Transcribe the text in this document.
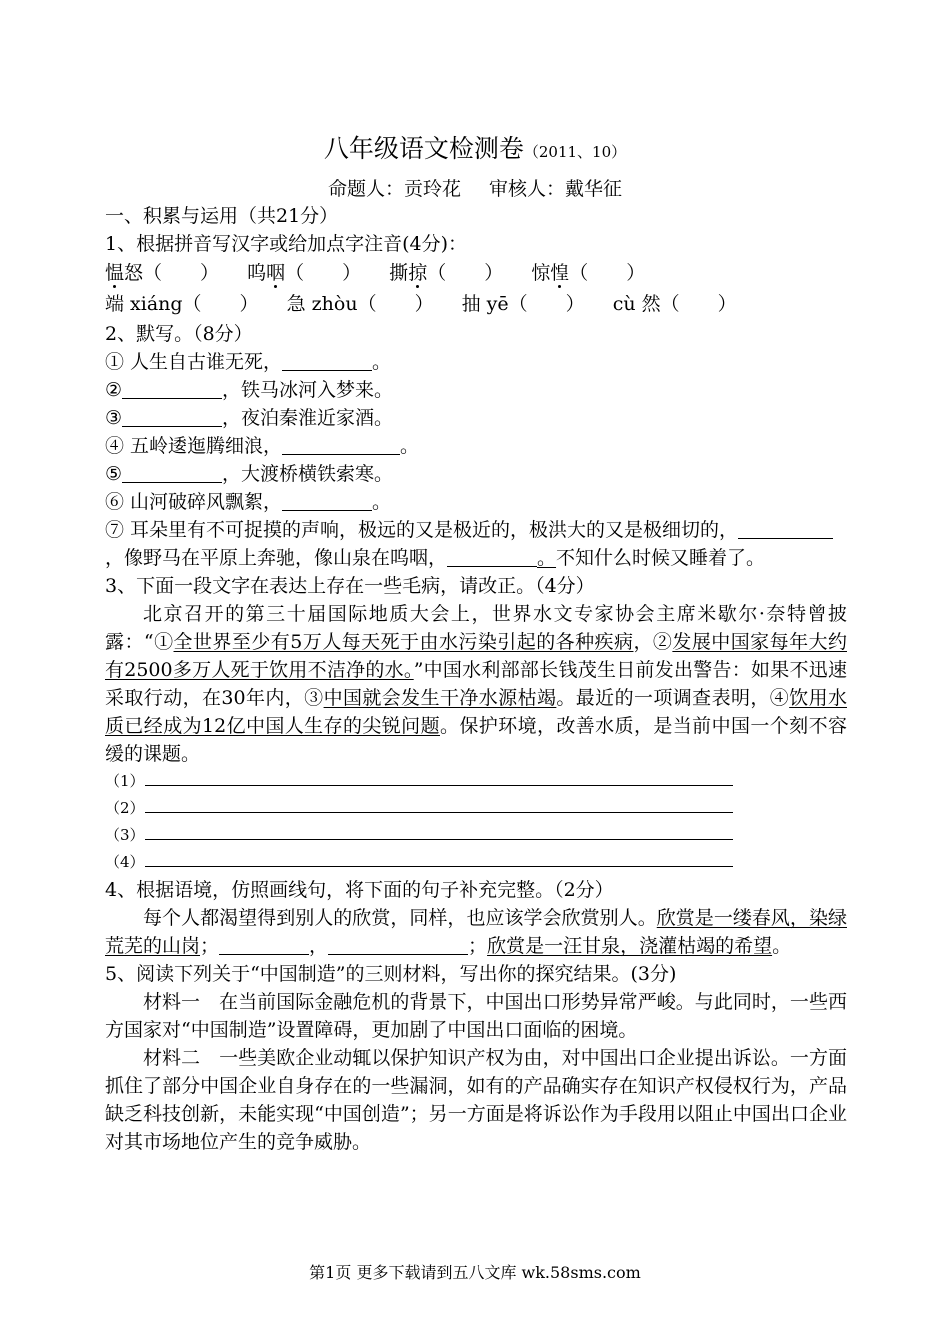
八年级语文检测卷（2011、10）
命题人：贡玲花 审核人：戴华征

一、积累与运用（共21分）

1、根据拼音写汉字或给加点字注音(4分)：

愠怒（　　） 呜咽（　　） 撕掠（　　） 惊惶（　　）

端 xiáng（　　） 急 zhòu（　　） 抽 yē（　　） cù 然（　　）

2、默写。（8分）

① 人生自古谁无死，	。

②	，铁马冰河入梦来。

③	，夜泊秦淮近家酒。

④ 五岭逶迤腾细浪，	。

⑤	，大渡桥横铁索寒。

⑥ 山河破碎风飘絮，	。

⑦ 耳朵里有不可捉摸的声响，极远的又是极近的，极洪大的又是极细切的，，像野马在平原上奔驰，像山泉在呜咽，	。不知什么时候又睡着了。

3、下面一段文字在表达上存在一些毛病，请改正。（4分）

北京召开的第三十届国际地质大会上，世界水文专家协会主席米歇尔·奈特曾披露：“①全世界至少有5万人每天死于由水污染引起的各种疾病，②发展中国家每年大约有2500多万人死于饮用不洁净的水。”中国水利部部长钱茂生日前发出警告：如果不迅速采取行动，在30年内，③中国就会发生干净水源枯竭。最近的一项调查表明，④饮用水质已经成为12亿中国人生存的尖锐问题。保护环境，改善水质，是当前中国一个刻不容缓的课题。

（1）

（2）

（3）

（4）

4、根据语境，仿照画线句，将下面的句子补充完整。（2分）

每个人都渴望得到别人的欣赏，同样，也应该学会欣赏别人。欣赏是一缕春风，染绿荒芜的山岗；	，	；欣赏是一汪甘泉，浇灌枯竭的希望。

5、阅读下列关于“中国制造”的三则材料，写出你的探究结果。(3分)

材料一　在当前国际金融危机的背景下，中国出口形势异常严峻。与此同时，一些西方国家对“中国制造”设置障碍，更加剧了中国出口面临的困境。

材料二　一些美欧企业动辄以保护知识产权为由，对中国出口企业提出诉讼。一方面抓住了部分中国企业自身存在的一些漏洞，如有的产品确实存在知识产权侵权行为，产品缺乏科技创新，未能实现“中国创造”；另一方面是将诉讼作为手段用以阻止中国出口企业对其市场地位产生的竞争威胁。

第1页 更多下载请到五八文库 wk.58sms.com
